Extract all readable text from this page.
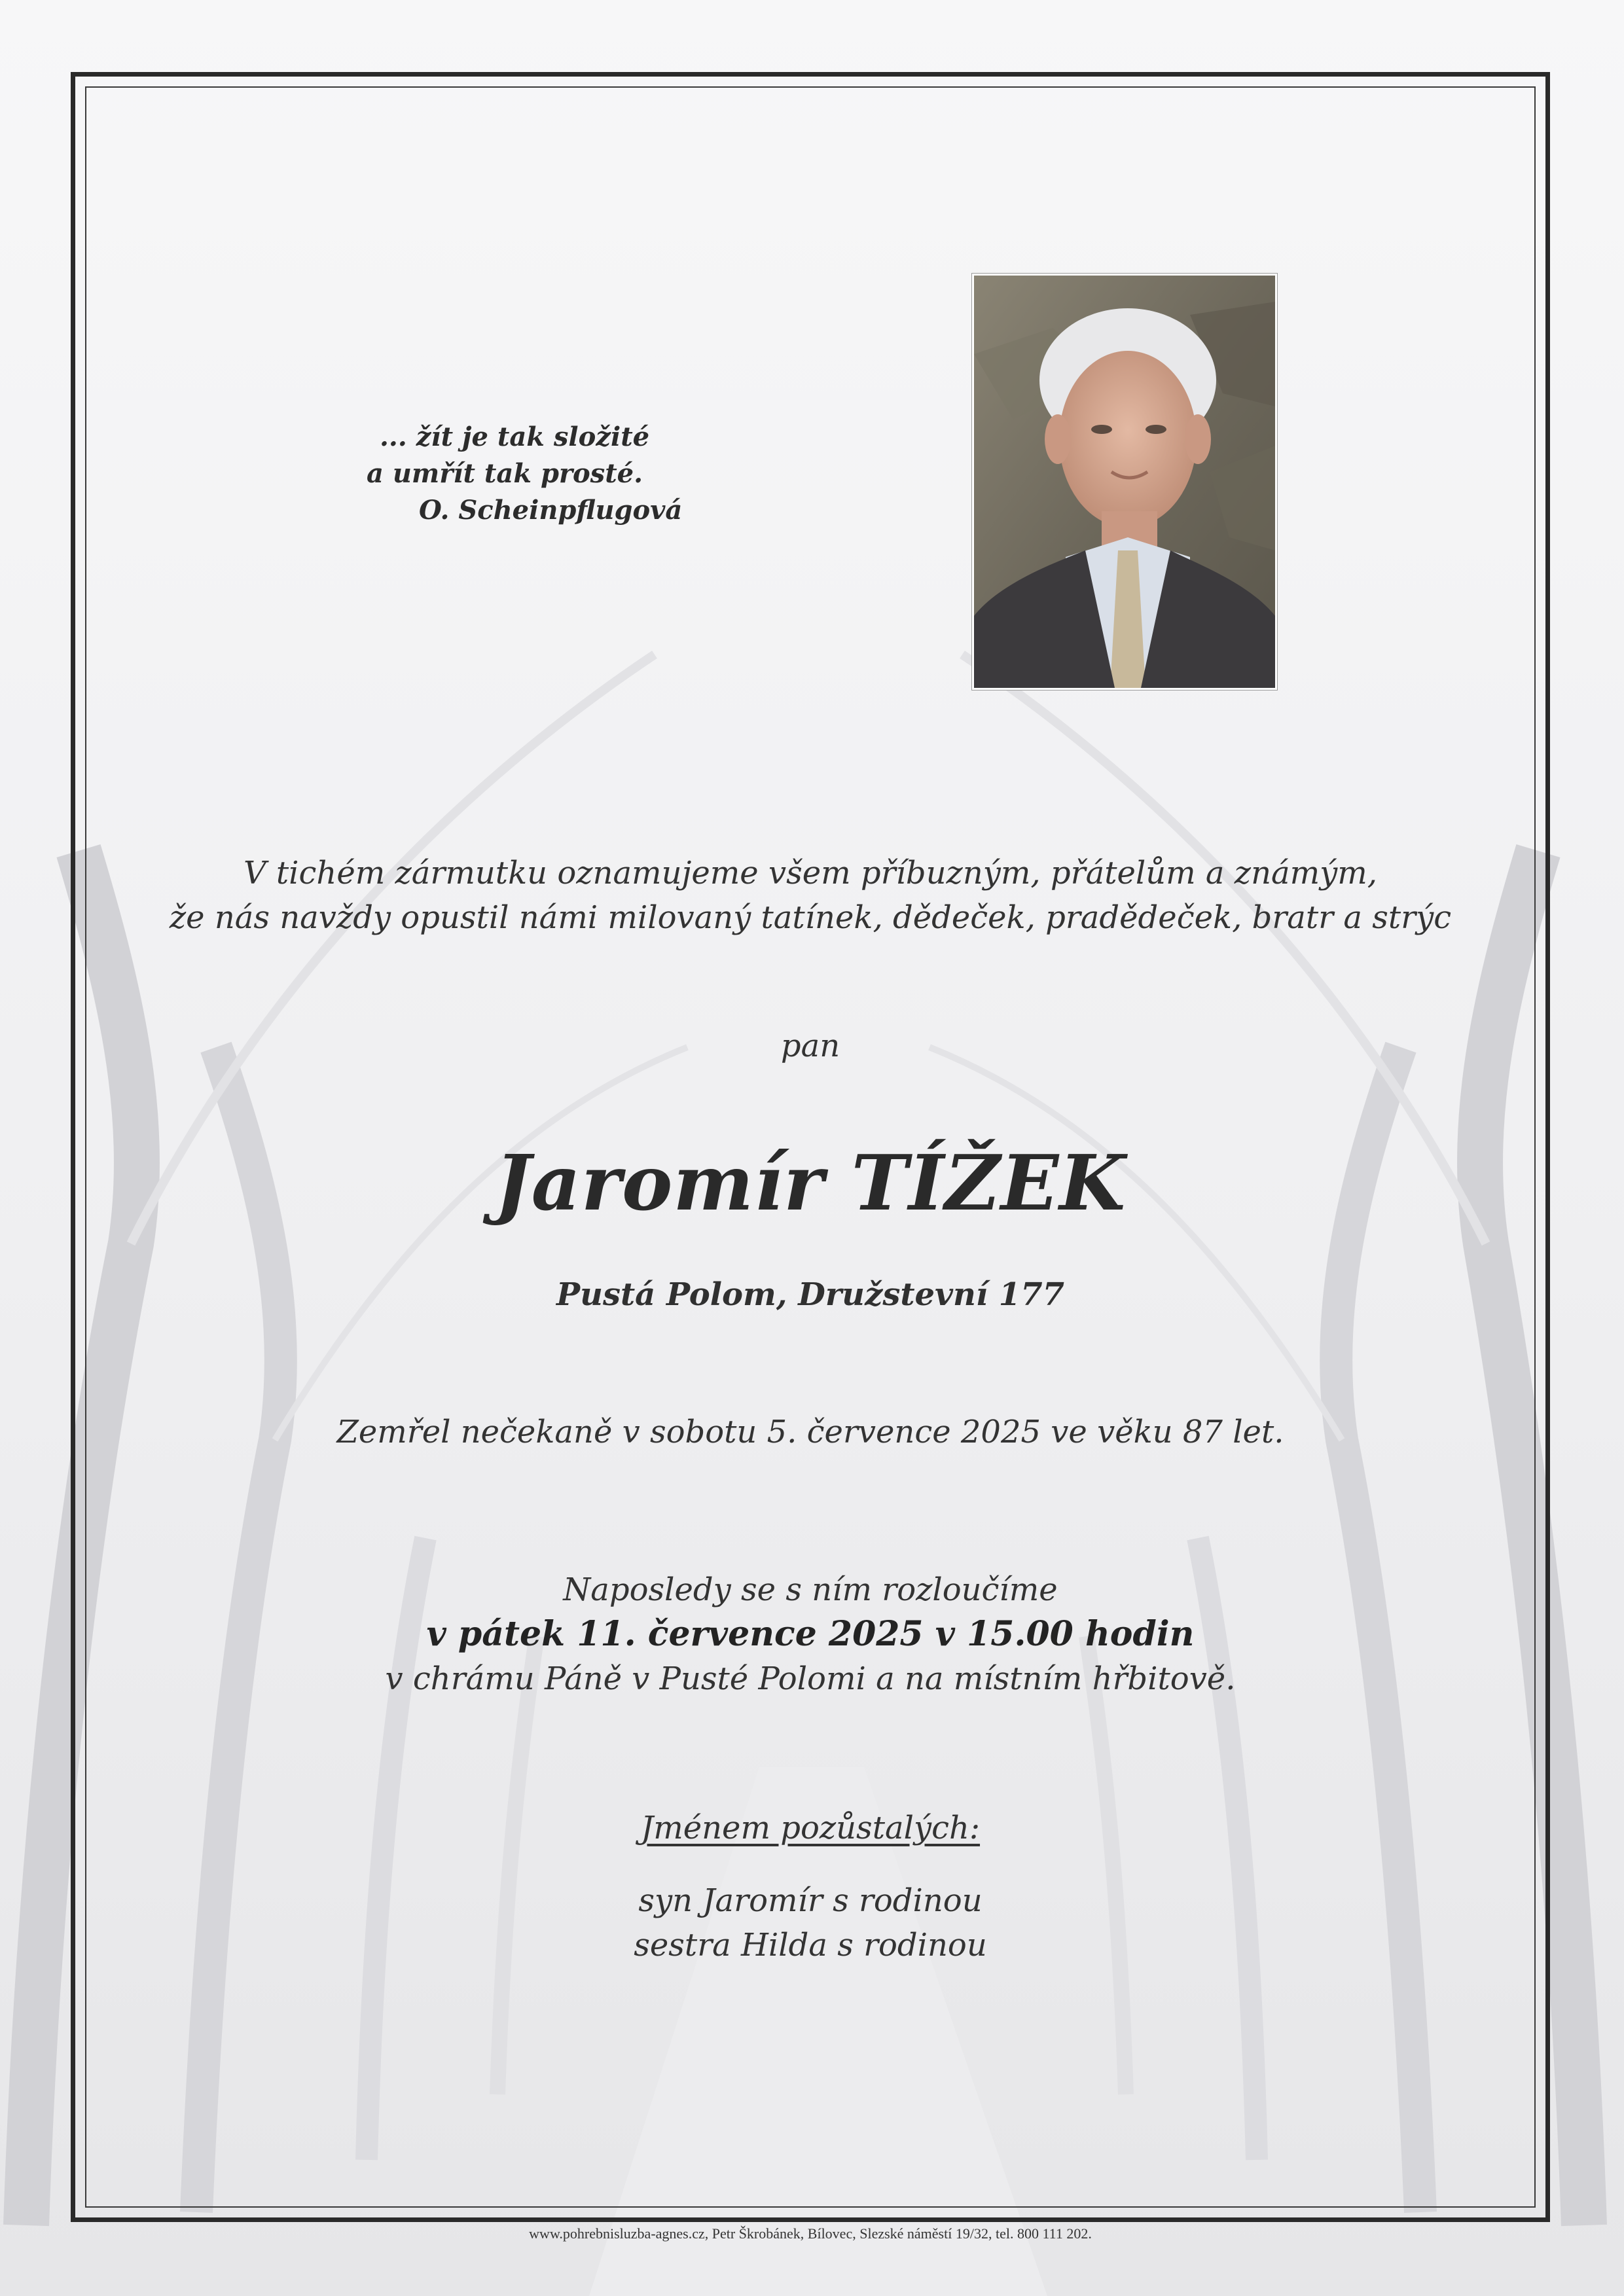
... žít je tak složité
a umřít tak prosté.
O. Scheinpflugová
V tichém zármutku oznamujeme všem příbuzným, přátelům a známým,
že nás navždy opustil námi milovaný tatínek, dědeček, pradědeček, bratr a strýc
pan
Jaromír TÍŽEK
Pustá Polom, Družstevní 177
Zemřel nečekaně v sobotu 5. července 2025 ve věku 87 let.
Naposledy se s ním rozloučíme
v pátek 11. července 2025 v 15.00 hodin
v chrámu Páně v Pusté Polomi a na místním hřbitově.
Jménem pozůstalých:
syn Jaromír s rodinou
sestra Hilda s rodinou
www.pohrebnisluzba-agnes.cz, Petr Škrobánek, Bílovec, Slezské náměstí 19/32, tel. 800 111 202.
